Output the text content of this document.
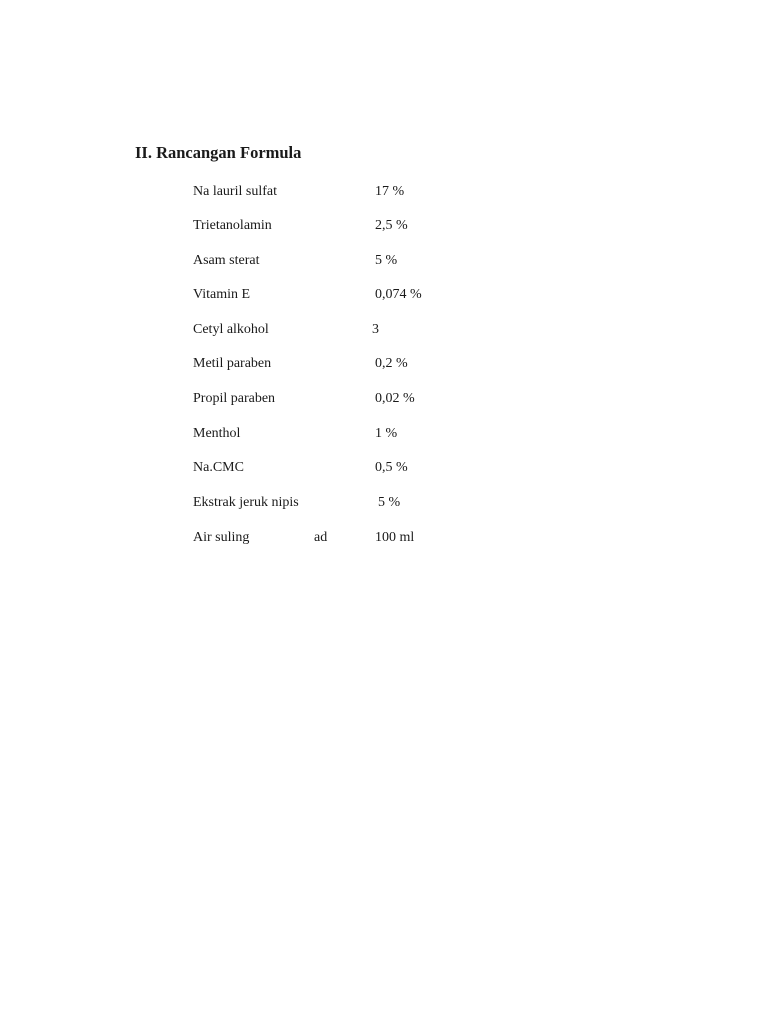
II. Rancangan Formula
Na lauril sulfat	17 %
Trietanolamin	2,5 %
Asam sterat	5 %
Vitamin E	0,074 %
Cetyl alkohol	3
Metil paraben	0,2 %
Propil paraben	0,02 %
Menthol	1 %
Na.CMC	0,5 %
Ekstrak jeruk nipis	5 %
Air suling	ad	100 ml
